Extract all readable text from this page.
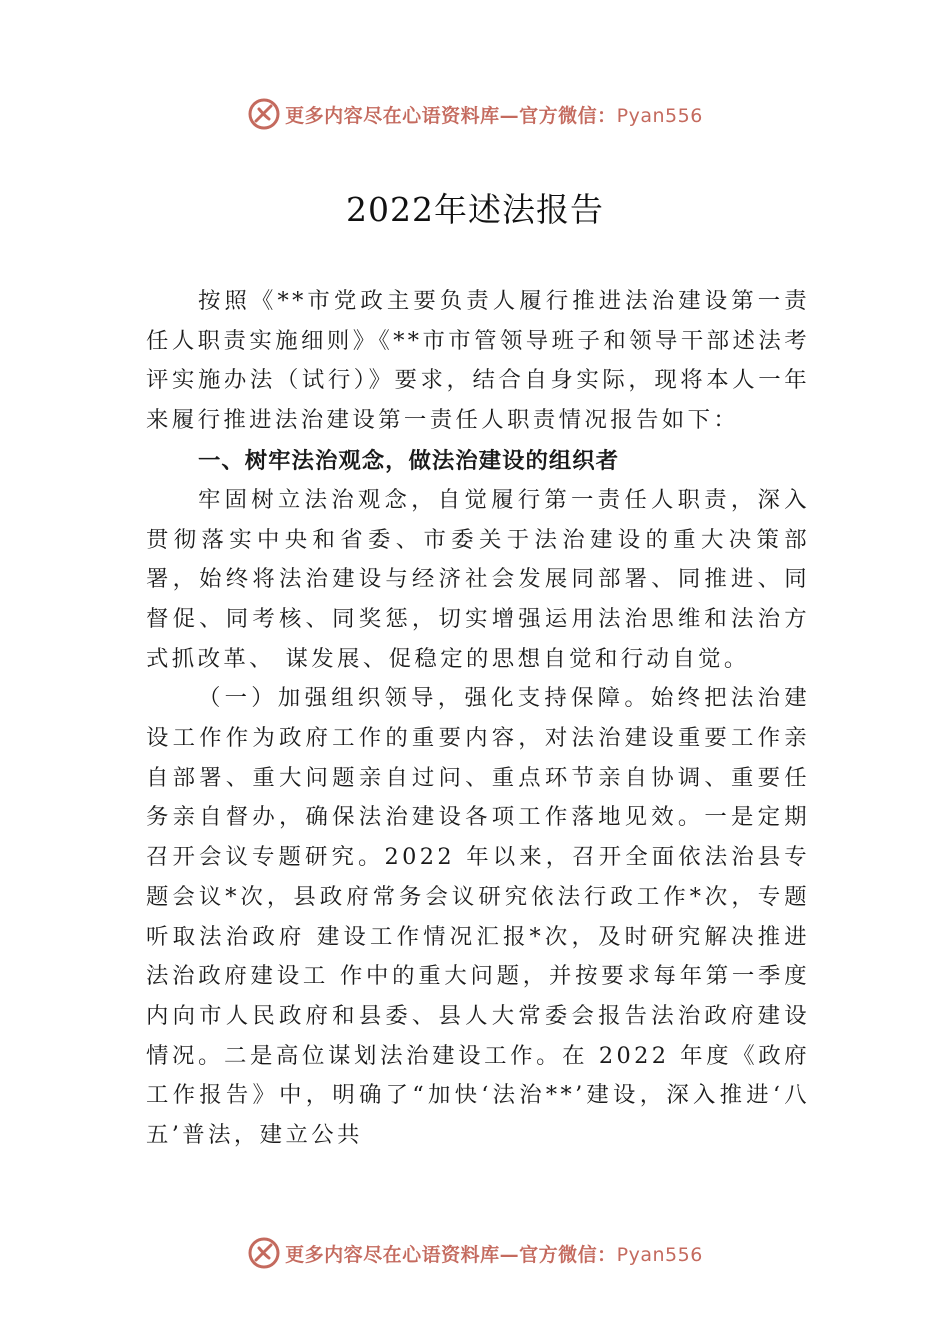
更多内容尽在心语资料库—官方微信：Pyan556
2022年述法报告

按照《**市党政主要负责人履行推进法治建设第一责任人职责实施细则》《**市市管领导班子和领导干部述法考评实施办法（试行）》要求，结合自身实际，现将本人一年来履行推进法治建设第一责任人职责情况报告如下：

一、树牢法治观念，做法治建设的组织者

牢固树立法治观念，自觉履行第一责任人职责，深入贯彻落实中央和省委、市委关于法治建设的重大决策部署，始终将法治建设与经济社会发展同部署、同推进、同督促、同考核、同奖惩，切实增强运用法治思维和法治方式抓改革、 谋发展、促稳定的思想自觉和行动自觉。

（一）加强组织领导，强化支持保障。始终把法治建设工作作为政府工作的重要内容，对法治建设重要工作亲自部署、重大问题亲自过问、重点环节亲自协调、重要任务亲自督办，确保法治建设各项工作落地见效。一是定期召开会议专题研究。2022 年以来，召开全面依法治县专题会议*次，县政府常务会议研究依法行政工作*次，专题听取法治政府 建设工作情况汇报*次，及时研究解决推进法治政府建设工 作中的重大问题，并按要求每年第一季度内向市人民政府和县委、县人大常委会报告法治政府建设情况。二是高位谋划法治建设工作。在 2022 年度《政府工作报告》中，明确了“加快‘法治**’建设，深入推进‘八五’普法，建立公共

更多内容尽在心语资料库—官方微信：Pyan556
